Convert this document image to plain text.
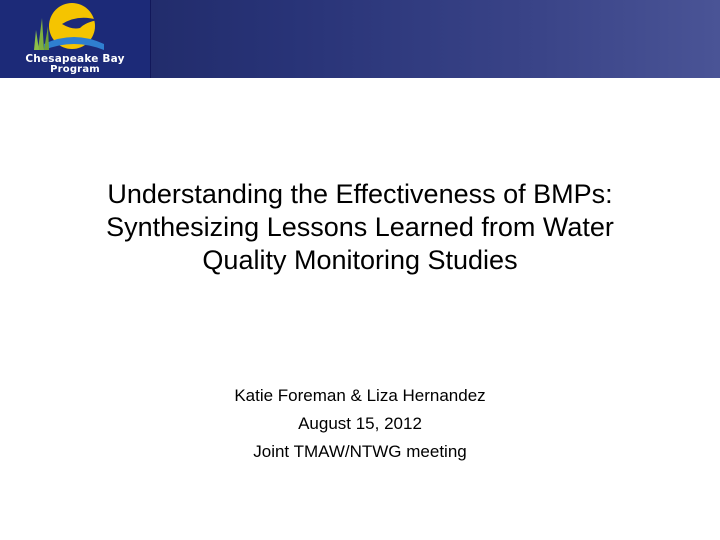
Chesapeake Bay
Program
Understanding the Effectiveness of BMPs:
Synthesizing Lessons Learned from Water
Quality Monitoring Studies
Katie Foreman & Liza Hernandez
August 15, 2012
Joint TMAW/NTWG meeting
